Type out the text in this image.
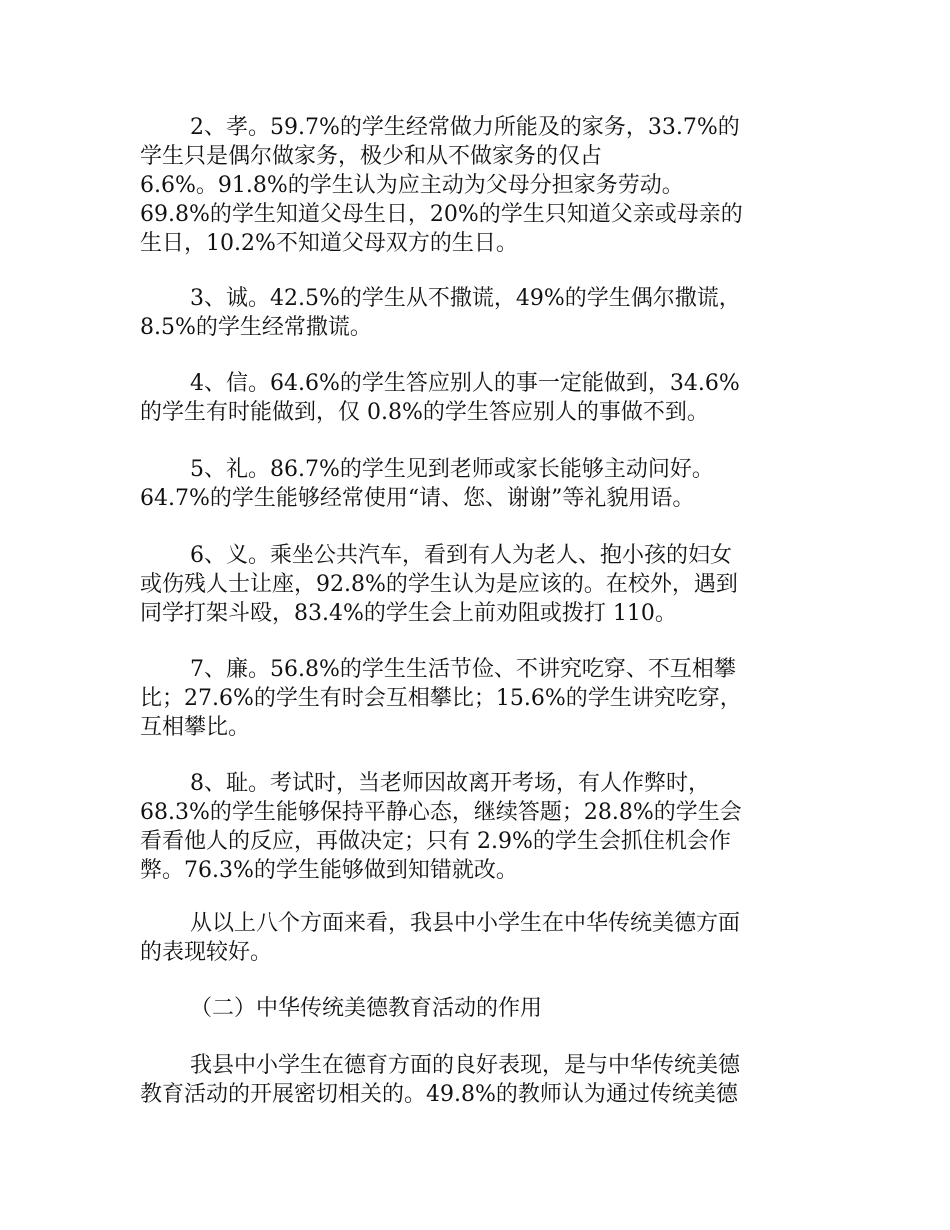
2、孝。59.7%的学生经常做力所能及的家务，33.7%的
学生只是偶尔做家务，极少和从不做家务的仅占
6.6%。91.8%的学生认为应主动为父母分担家务劳动。
69.8%的学生知道父母生日，20%的学生只知道父亲或母亲的
生日，10.2%不知道父母双方的生日。

3、诚。42.5%的学生从不撒谎，49%的学生偶尔撒谎，
8.5%的学生经常撒谎。

4、信。64.6%的学生答应别人的事一定能做到，34.6%
的学生有时能做到，仅 0.8%的学生答应别人的事做不到。

5、礼。86.7%的学生见到老师或家长能够主动问好。
64.7%的学生能够经常使用“请、您、谢谢”等礼貌用语。

6、义。乘坐公共汽车，看到有人为老人、抱小孩的妇女
或伤残人士让座，92.8%的学生认为是应该的。在校外，遇到
同学打架斗殴，83.4%的学生会上前劝阻或拨打 110。

7、廉。56.8%的学生生活节俭、不讲究吃穿、不互相攀
比；27.6%的学生有时会互相攀比；15.6%的学生讲究吃穿，
互相攀比。

8、耻。考试时，当老师因故离开考场，有人作弊时，
68.3%的学生能够保持平静心态，继续答题；28.8%的学生会
看看他人的反应，再做决定；只有 2.9%的学生会抓住机会作
弊。76.3%的学生能够做到知错就改。

从以上八个方面来看，我县中小学生在中华传统美德方面
的表现较好。

（二）中华传统美德教育活动的作用

我县中小学生在德育方面的良好表现，是与中华传统美德
教育活动的开展密切相关的。49.8%的教师认为通过传统美德
